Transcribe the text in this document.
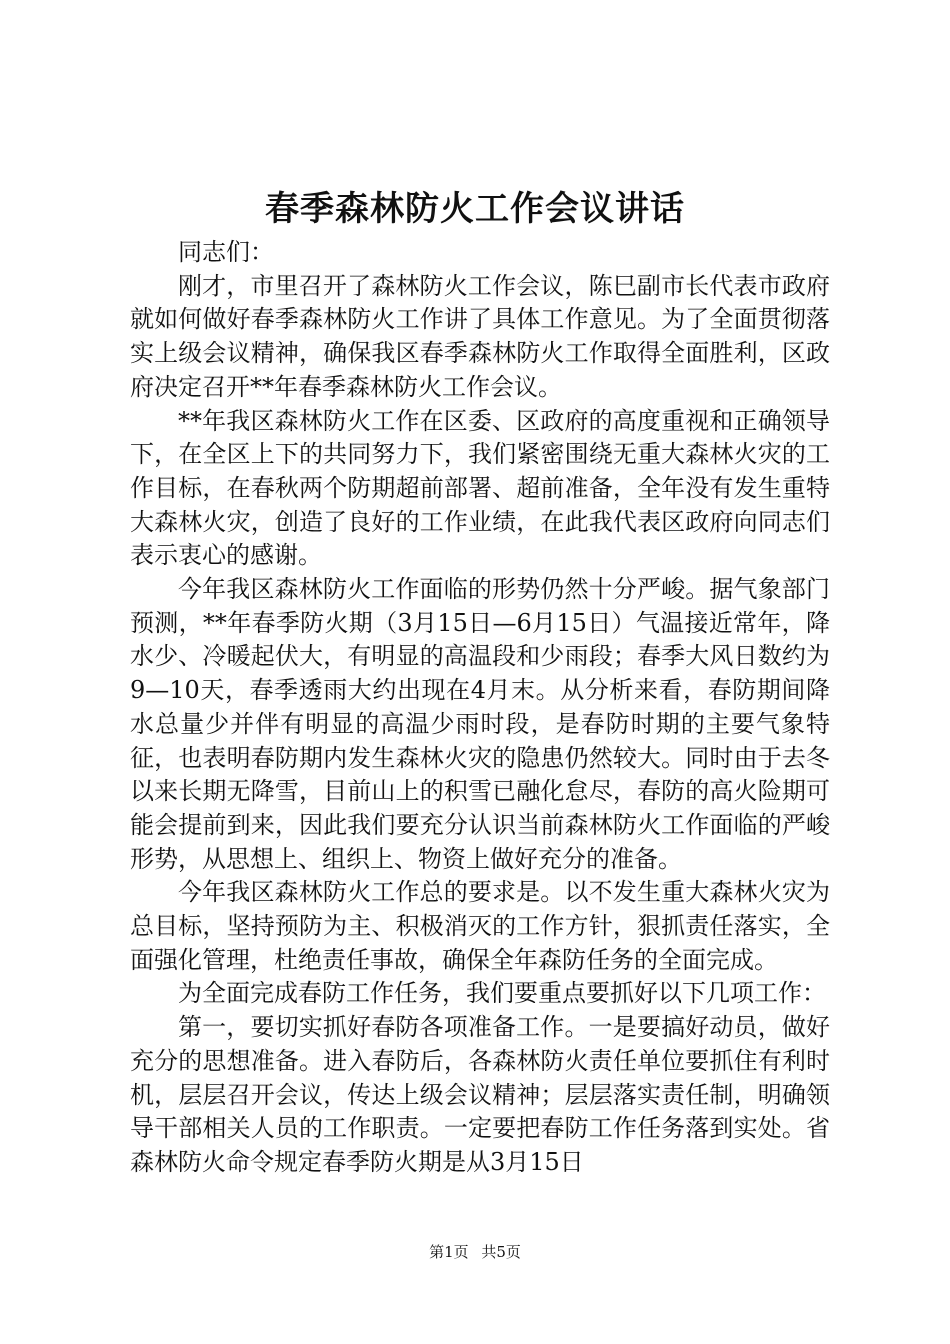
春季森林防火工作会议讲话

同志们：

刚才，市里召开了森林防火工作会议，陈巳副市长代表市政府就如何做好春季森林防火工作讲了具体工作意见。为了全面贯彻落实上级会议精神，确保我区春季森林防火工作取得全面胜利，区政府决定召开**年春季森林防火工作会议。

**年我区森林防火工作在区委、区政府的高度重视和正确领导下，在全区上下的共同努力下，我们紧密围绕无重大森林火灾的工作目标，在春秋两个防期超前部署、超前准备，全年没有发生重特大森林火灾，创造了良好的工作业绩，在此我代表区政府向同志们表示衷心的感谢。

今年我区森林防火工作面临的形势仍然十分严峻。据气象部门预测，**年春季防火期（3月15日—6月15日）气温接近常年，降水少、冷暖起伏大，有明显的高温段和少雨段；春季大风日数约为9—10天，春季透雨大约出现在4月末。从分析来看，春防期间降水总量少并伴有明显的高温少雨时段，是春防时期的主要气象特征，也表明春防期内发生森林火灾的隐患仍然较大。同时由于去冬以来长期无降雪，目前山上的积雪已融化怠尽，春防的高火险期可能会提前到来，因此我们要充分认识当前森林防火工作面临的严峻形势，从思想上、组织上、物资上做好充分的准备。

今年我区森林防火工作总的要求是。以不发生重大森林火灾为总目标，坚持预防为主、积极消灭的工作方针，狠抓责任落实，全面强化管理，杜绝责任事故，确保全年森防任务的全面完成。

为全面完成春防工作任务，我们要重点要抓好以下几项工作：

第一，要切实抓好春防各项准备工作。一是要搞好动员，做好充分的思想准备。进入春防后，各森林防火责任单位要抓住有利时机，层层召开会议，传达上级会议精神；层层落实责任制，明确领导干部相关人员的工作职责。一定要把春防工作任务落到实处。省森林防火命令规定春季防火期是从3月15日

第1页 共5页
